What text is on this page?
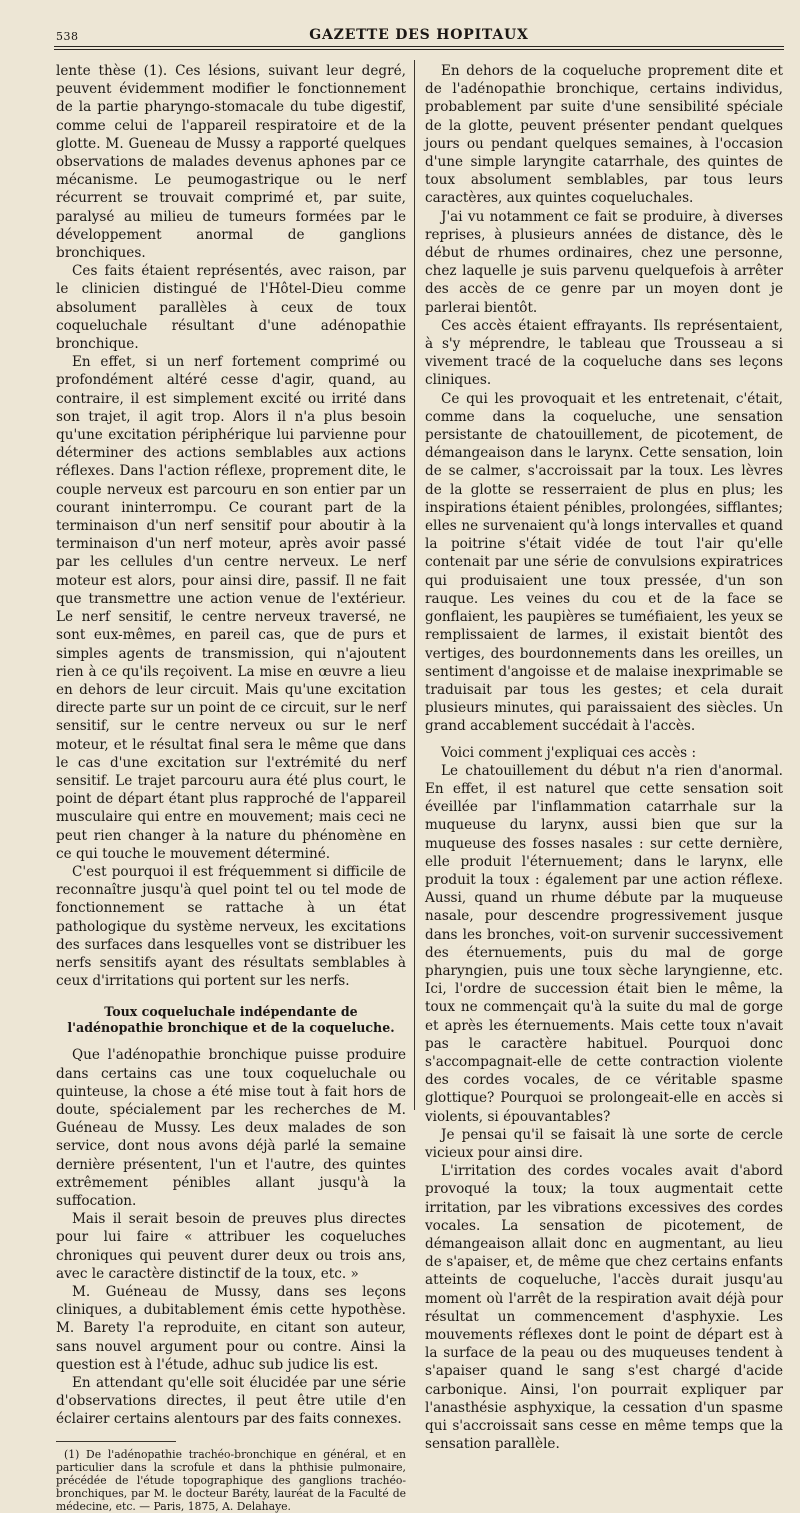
538	GAZETTE DES HOPITAUX

lente thèse (1). Ces lésions, suivant leur degré, peuvent évidemment modifier le fonctionnement de la partie pharyngo-stomacale du tube digestif, comme celui de l'appareil respiratoire et de la glotte. M. Gueneau de Mussy a rapporté quelques observations de malades devenus aphones par ce mécanisme. Le peumogastrique ou le nerf récurrent se trouvait comprimé et, par suite, paralysé au milieu de tumeurs formées par le développement anormal de ganglions bronchiques.

Ces faits étaient représentés, avec raison, par le clinicien distingué de l'Hôtel-Dieu comme absolument parallèles à ceux de toux coqueluchale résultant d'une adénopathie bronchique.

En effet, si un nerf fortement comprimé ou profondément altéré cesse d'agir, quand, au contraire, il est simplement excité ou irrité dans son trajet, il agit trop. Alors il n'a plus besoin qu'une excitation périphérique lui parvienne pour déterminer des actions semblables aux actions réflexes. Dans l'action réflexe, proprement dite, le couple nerveux est parcouru en son entier par un courant ininterrompu. Ce courant part de la terminaison d'un nerf sensitif pour aboutir à la terminaison d'un nerf moteur, après avoir passé par les cellules d'un centre nerveux. Le nerf moteur est alors, pour ainsi dire, passif. Il ne fait que transmettre une action venue de l'extérieur. Le nerf sensitif, le centre nerveux traversé, ne sont eux-mêmes, en pareil cas, que de purs et simples agents de transmission, qui n'ajoutent rien à ce qu'ils reçoivent. La mise en œuvre a lieu en dehors de leur circuit. Mais qu'une excitation directe parte sur un point de ce circuit, sur le nerf sensitif, sur le centre nerveux ou sur le nerf moteur, et le résultat final sera le même que dans le cas d'une excitation sur l'extrémité du nerf sensitif. Le trajet parcouru aura été plus court, le point de départ étant plus rapproché de l'appareil musculaire qui entre en mouvement; mais ceci ne peut rien changer à la nature du phénomène en ce qui touche le mouvement déterminé.

C'est pourquoi il est fréquemment si difficile de reconnaître jusqu'à quel point tel ou tel mode de fonctionnement se rattache à un état pathologique du système nerveux, les excitations des surfaces dans lesquelles vont se distribuer les nerfs sensitifs ayant des résultats semblables à ceux d'irritations qui portent sur les nerfs.

Toux coqueluchale indépendante de l'adénopathie bronchique et de la coqueluche.

Que l'adénopathie bronchique puisse produire dans certains cas une toux coqueluchale ou quinteuse, la chose a été mise tout à fait hors de doute, spécialement par les recherches de M. Guéneau de Mussy. Les deux malades de son service, dont nous avons déjà parlé la semaine dernière présentent, l'un et l'autre, des quintes extrêmement pénibles allant jusqu'à la suffocation.

Mais il serait besoin de preuves plus directes pour lui faire « attribuer les coqueluches chroniques qui peuvent durer deux ou trois ans, avec le caractère distinctif de la toux, etc. »

M. Guéneau de Mussy, dans ses leçons cliniques, a dubitablement émis cette hypothèse. M. Barety l'a reproduite, en citant son auteur, sans nouvel argument pour ou contre. Ainsi la question est à l'étude, adhuc sub judice lis est.

En attendant qu'elle soit élucidée par une série d'observations directes, il peut être utile d'en éclairer certains alentours par des faits connexes.

(1) De l'adénopathie trachéo-bronchique en général, et en particulier dans la scrofule et dans la phthisie pulmonaire, précédée de l'étude topographique des ganglions trachéo-bronchiques, par M. le docteur Baréty, lauréat de la Faculté de médecine, etc. — Paris, 1875, A. Delahaye.

En dehors de la coqueluche proprement dite et de l'adénopathie bronchique, certains individus, probablement par suite d'une sensibilité spéciale de la glotte, peuvent présenter pendant quelques jours ou pendant quelques semaines, à l'occasion d'une simple laryngite catarrhale, des quintes de toux absolument semblables, par tous leurs caractères, aux quintes coqueluchales.

J'ai vu notamment ce fait se produire, à diverses reprises, à plusieurs années de distance, dès le début de rhumes ordinaires, chez une personne, chez laquelle je suis parvenu quelquefois à arrêter des accès de ce genre par un moyen dont je parlerai bientôt.

Ces accès étaient effrayants. Ils représentaient, à s'y méprendre, le tableau que Trousseau a si vivement tracé de la coqueluche dans ses leçons cliniques.

Ce qui les provoquait et les entretenait, c'était, comme dans la coqueluche, une sensation persistante de chatouillement, de picotement, de démangeaison dans le larynx. Cette sensation, loin de se calmer, s'accroissait par la toux. Les lèvres de la glotte se resserraient de plus en plus; les inspirations étaient pénibles, prolongées, sifflantes; elles ne survenaient qu'à longs intervalles et quand la poitrine s'était vidée de tout l'air qu'elle contenait par une série de convulsions expiratrices qui produisaient une toux pressée, d'un son rauque. Les veines du cou et de la face se gonflaient, les paupières se tuméfiaient, les yeux se remplissaient de larmes, il existait bientôt des vertiges, des bourdonnements dans les oreilles, un sentiment d'angoisse et de malaise inexprimable se traduisait par tous les gestes; et cela durait plusieurs minutes, qui paraissaient des siècles. Un grand accablement succédait à l'accès.

Voici comment j'expliquai ces accès :

Le chatouillement du début n'a rien d'anormal. En effet, il est naturel que cette sensation soit éveillée par l'inflammation catarrhale sur la muqueuse du larynx, aussi bien que sur la muqueuse des fosses nasales : sur cette dernière, elle produit l'éternuement; dans le larynx, elle produit la toux : également par une action réflexe. Aussi, quand un rhume débute par la muqueuse nasale, pour descendre progressivement jusque dans les bronches, voit-on survenir successivement des éternuements, puis du mal de gorge pharyngien, puis une toux sèche laryngienne, etc. Ici, l'ordre de succession était bien le même, la toux ne commençait qu'à la suite du mal de gorge et après les éternuements. Mais cette toux n'avait pas le caractère habituel. Pourquoi donc s'accompagnait-elle de cette contraction violente des cordes vocales, de ce véritable spasme glottique? Pourquoi se prolongeait-elle en accès si violents, si épouvantables?

Je pensai qu'il se faisait là une sorte de cercle vicieux pour ainsi dire.

L'irritation des cordes vocales avait d'abord provoqué la toux; la toux augmentait cette irritation, par les vibrations excessives des cordes vocales. La sensation de picotement, de démangeaison allait donc en augmentant, au lieu de s'apaiser, et, de même que chez certains enfants atteints de coqueluche, l'accès durait jusqu'au moment où l'arrêt de la respiration avait déjà pour résultat un commencement d'asphyxie. Les mouvements réflexes dont le point de départ est à la surface de la peau ou des muqueuses tendent à s'apaiser quand le sang s'est chargé d'acide carbonique. Ainsi, l'on pourrait expliquer par l'anasthésie asphyxique, la cessation d'un spasme qui s'accroissait sans cesse en même temps que la sensation parallèle.
